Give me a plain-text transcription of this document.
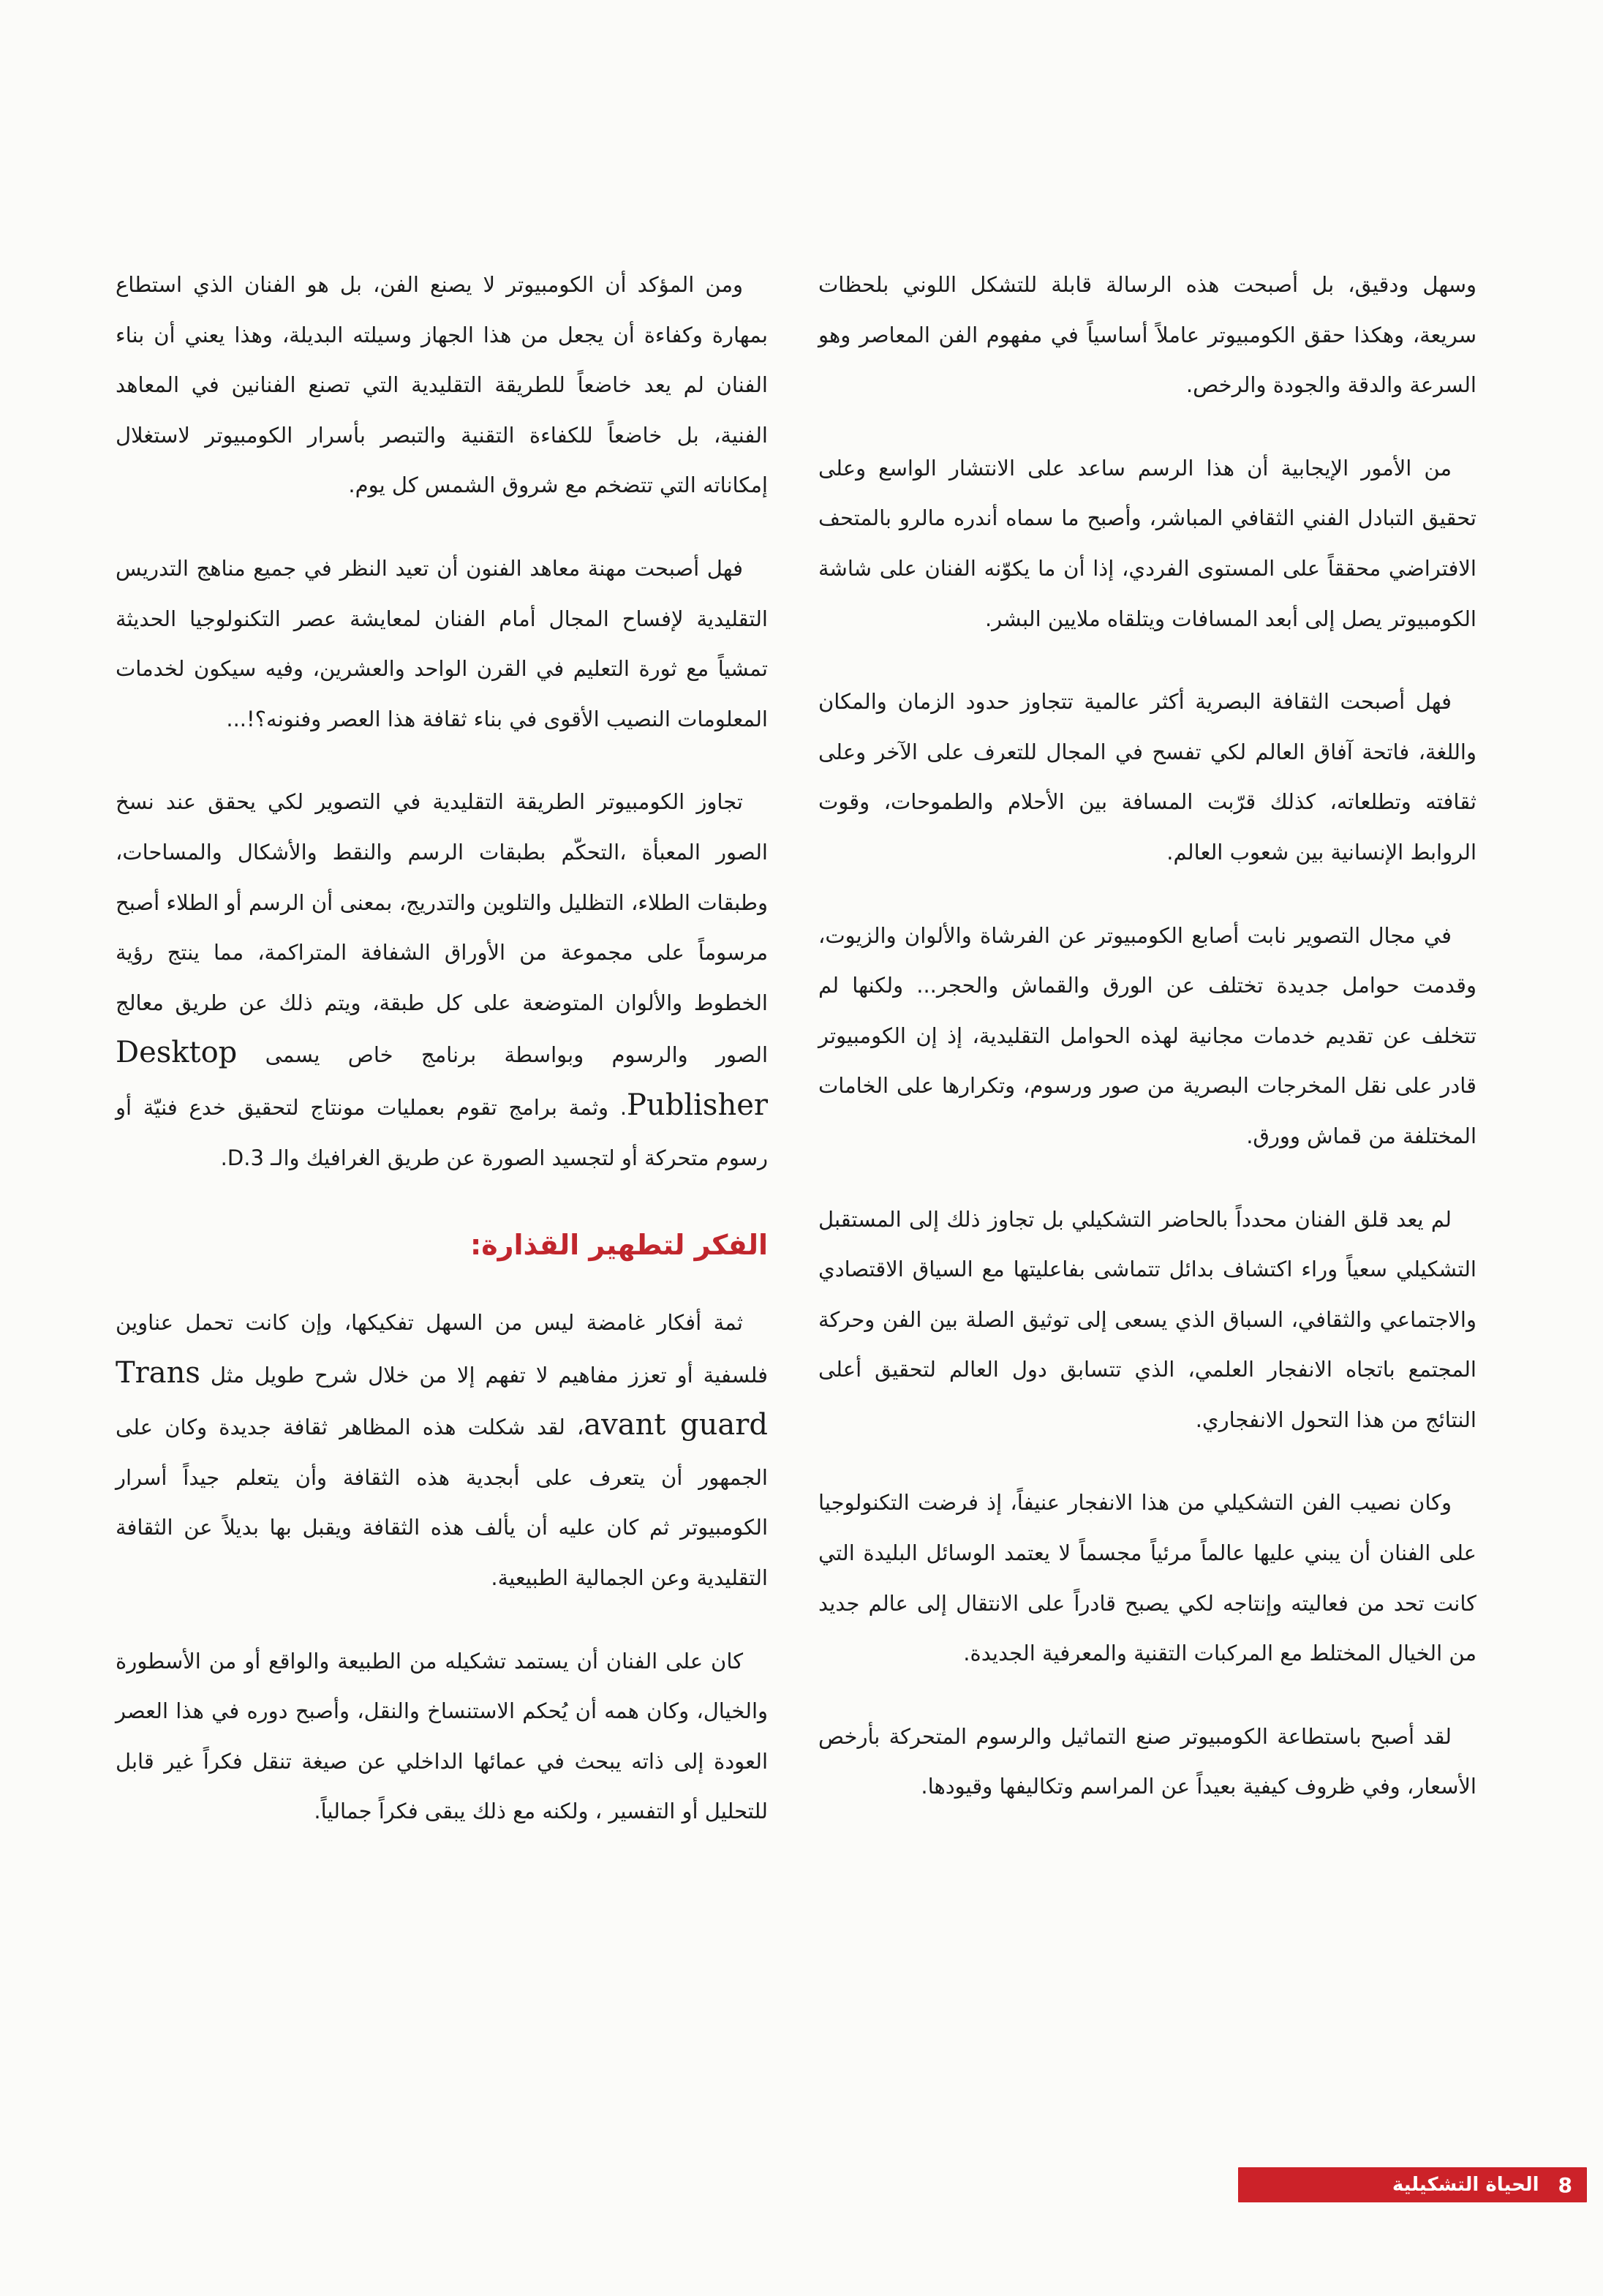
وسهل ودقيق، بل أصبحت هذه الرسالة قابلة للتشكل اللوني بلحظات سريعة، وهكذا حقق الكومبيوتر عاملاً أساسياً في مفهوم الفن المعاصر وهو السرعة والدقة والجودة والرخص.

من الأمور الإيجابية أن هذا الرسم ساعد على الانتشار الواسع وعلى تحقيق التبادل الفني الثقافي المباشر، وأصبح ما سماه أندره مالرو بالمتحف الافتراضي محققاً على المستوى الفردي، إذا أن ما يكوّنه الفنان على شاشة الكومبيوتر يصل إلى أبعد المسافات ويتلقاه ملايين البشر.

فهل أصبحت الثقافة البصرية أكثر عالمية تتجاوز حدود الزمان والمكان واللغة، فاتحة آفاق العالم لكي تفسح في المجال للتعرف على الآخر وعلى ثقافته وتطلعاته، كذلك قرّبت المسافة بين الأحلام والطموحات، وقوت الروابط الإنسانية بين شعوب العالم.

في مجال التصوير نابت أصابع الكومبيوتر عن الفرشاة والألوان والزيوت، وقدمت حوامل جديدة تختلف عن الورق والقماش والحجر... ولكنها لم تتخلف عن تقديم خدمات مجانية لهذه الحوامل التقليدية، إذ إن الكومبيوتر قادر على نقل المخرجات البصرية من صور ورسوم، وتكرارها على الخامات المختلفة من قماش وورق.

لم يعد قلق الفنان محدداً بالحاضر التشكيلي بل تجاوز ذلك إلى المستقبل التشكيلي سعياً وراء اكتشاف بدائل تتماشى بفاعليتها مع السياق الاقتصادي والاجتماعي والثقافي، السباق الذي يسعى إلى توثيق الصلة بين الفن وحركة المجتمع باتجاه الانفجار العلمي، الذي تتسابق دول العالم لتحقيق أعلى النتائج من هذا التحول الانفجاري.

وكان نصيب الفن التشكيلي من هذا الانفجار عنيفاً، إذ فرضت التكنولوجيا على الفنان أن يبني عليها عالماً مرئياً مجسماً لا يعتمد الوسائل البليدة التي كانت تحد من فعاليته وإنتاجه لكي يصبح قادراً على الانتقال إلى عالم جديد من الخيال المختلط مع المركبات التقنية والمعرفية الجديدة.

لقد أصبح باستطاعة الكومبيوتر صنع التماثيل والرسوم المتحركة بأرخص الأسعار، وفي ظروف كيفية بعيداً عن المراسم وتكاليفها وقيودها.

ومن المؤكد أن الكومبيوتر لا يصنع الفن، بل هو الفنان الذي استطاع بمهارة وكفاءة أن يجعل من هذا الجهاز وسيلته البديلة، وهذا يعني أن بناء الفنان لم يعد خاضعاً للطريقة التقليدية التي تصنع الفنانين في المعاهد الفنية، بل خاضعاً للكفاءة التقنية والتبصر بأسرار الكومبيوتر لاستغلال إمكاناته التي تتضخم مع شروق الشمس كل يوم.

فهل أصبحت مهنة معاهد الفنون أن تعيد النظر في جميع مناهج التدريس التقليدية لإفساح المجال أمام الفنان لمعايشة عصر التكنولوجيا الحديثة تمشياً مع ثورة التعليم في القرن الواحد والعشرين، وفيه سيكون لخدمات المعلومات النصيب الأقوى في بناء ثقافة هذا العصر وفنونه؟!...

تجاوز الكومبيوتر الطريقة التقليدية في التصوير لكي يحقق عند نسخ الصور المعبأة ،التحكّم بطبقات الرسم والنقط والأشكال والمساحات، وطبقات الطلاء، التظليل والتلوين والتدريج، بمعنى أن الرسم أو الطلاء أصبح مرسوماً على مجموعة من الأوراق الشفافة المتراكمة، مما ينتج رؤية الخطوط والألوان المتوضعة على كل طبقة، ويتم ذلك عن طريق معالج الصور والرسوم وبواسطة برنامج خاص يسمى Desktop Publisher. وثمة برامج تقوم بعمليات مونتاج لتحقيق خدع فنيّة أو رسوم متحركة أو لتجسيد الصورة عن طريق الغرافيك والـ D.3.

الفكر لتطهير القذارة:

ثمة أفكار غامضة ليس من السهل تفكيكها، وإن كانت تحمل عناوين فلسفية أو تعزز مفاهيم لا تفهم إلا من خلال شرح طويل مثل Trans avant guard، لقد شكلت هذه المظاهر ثقافة جديدة وكان على الجمهور أن يتعرف على أبجدية هذه الثقافة وأن يتعلم جيداً أسرار الكومبيوتر ثم كان عليه أن يألف هذه الثقافة ويقبل بها بديلاً عن الثقافة التقليدية وعن الجمالية الطبيعية.

كان على الفنان أن يستمد تشكيله من الطبيعة والواقع أو من الأسطورة والخيال، وكان همه أن يُحكم الاستنساخ والنقل، وأصبح دوره في هذا العصر العودة إلى ذاته يبحث في عمائها الداخلي عن صيغة تنقل فكراً غير قابل للتحليل أو التفسير ، ولكنه مع ذلك يبقى فكراً جمالياً.

8
الحياة التشكيلية
